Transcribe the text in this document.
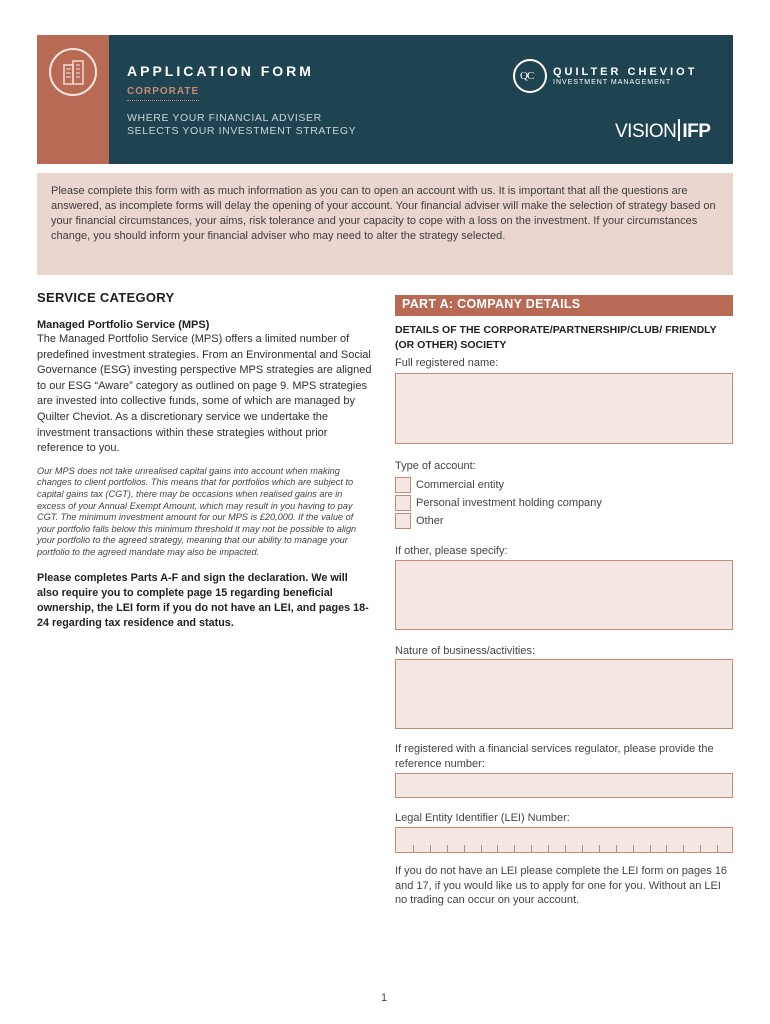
APPLICATION FORM
CORPORATE
WHERE YOUR FINANCIAL ADVISER
SELECTS YOUR INVESTMENT STRATEGY
QC QUILTER CHEVIOT
INVESTMENT MANAGEMENT
VISION IFP
Please complete this form with as much information as you can to open an account with us. It is important that all the questions are answered, as incomplete forms will delay the opening of your account. Your financial adviser will make the selection of strategy based on your financial circumstances, your aims, risk tolerance and your capacity to cope with a loss on the investment. If your circumstances change, you should inform your financial adviser who may need to alter the strategy selected.
SERVICE CATEGORY
Managed Portfolio Service (MPS)
The Managed Portfolio Service (MPS) offers a limited number of predefined investment strategies. From an Environmental and Social Governance (ESG) investing perspective MPS strategies are aligned to our ESG “Aware” category as outlined on page 9. MPS strategies are invested into collective funds, some of which are managed by Quilter Cheviot. As a discretionary service we undertake the investment transactions within these strategies without prior reference to you.
Our MPS does not take unrealised capital gains into account when making changes to client portfolios. This means that for portfolios which are subject to capital gains tax (CGT), there may be occasions when realised gains are in excess of your Annual Exempt Amount, which may result in you having to pay CGT. The minimum investment amount for our MPS is £20,000. If the value of your portfolio falls below this minimum threshold it may not be possible to align your portfolio to the agreed strategy, meaning that our ability to manage your portfolio to the agreed mandate may also be impacted.
Please completes Parts A-F and sign the declaration. We will also require you to complete page 15 regarding beneficial ownership, the LEI form if you do not have an LEI, and pages 18-24 regarding tax residence and status.
PART A: COMPANY DETAILS
DETAILS OF THE CORPORATE/PARTNERSHIP/CLUB/ FRIENDLY (OR OTHER) SOCIETY
Full registered name:
Type of account:
Commercial entity
Personal investment holding company
Other
If other, please specify:
Nature of business/activities:
If registered with a financial services regulator, please provide the reference number:
Legal Entity Identifier (LEI) Number:
If you do not have an LEI please complete the LEI form on pages 16 and 17, if you would like us to apply for one for you. Without an LEI no trading can occur on your account.
1
